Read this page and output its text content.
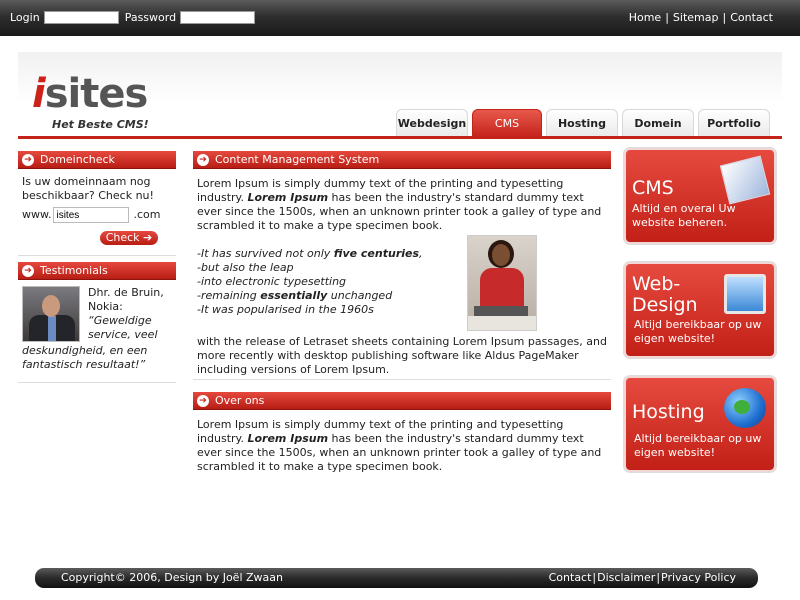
Login	Password	Home | Sitemap | Contact
isites
Het Beste CMS!	Webdesign	CMS	Hosting	Domein	Portfolio
➔ Domeincheck
Is uw domeinnaam nog beschikbaar? Check nu!
www.
isites	.com
Check ➔
➔ Testimonials
Dhr. de Bruin, Nokia:
“Geweldige service, veel deskundigheid, en een fantastisch resultaat!”
➔ Content Management System

Lorem Ipsum is simply dummy text of the printing and typesetting industry. Lorem Ipsum has been the industry's standard dummy text ever since the 1500s, when an unknown printer took a galley of type and scrambled it to make a type specimen book.

-It has survived not only five centuries,

-but also the leap

-into electronic typesetting

-remaining essentially unchanged

-It was popularised in the 1960s

with the release of Letraset sheets containing Lorem Ipsum passages, and more recently with desktop publishing software like Aldus PageMaker including versions of Lorem Ipsum.

➔ Over ons

Lorem Ipsum is simply dummy text of the printing and typesetting industry. Lorem Ipsum has been the industry's standard dummy text ever since the 1500s, when an unknown printer took a galley of type and scrambled it to make a type specimen book.

CMS
Altijd en overal Uw website beheren.
Web-
Design
Altijd bereikbaar op uw eigen website!
Hosting
Altijd bereikbaar op uw eigen website!
Copyright© 2006, Design by Joël Zwaan	Contact|Disclaimer|Privacy Policy
